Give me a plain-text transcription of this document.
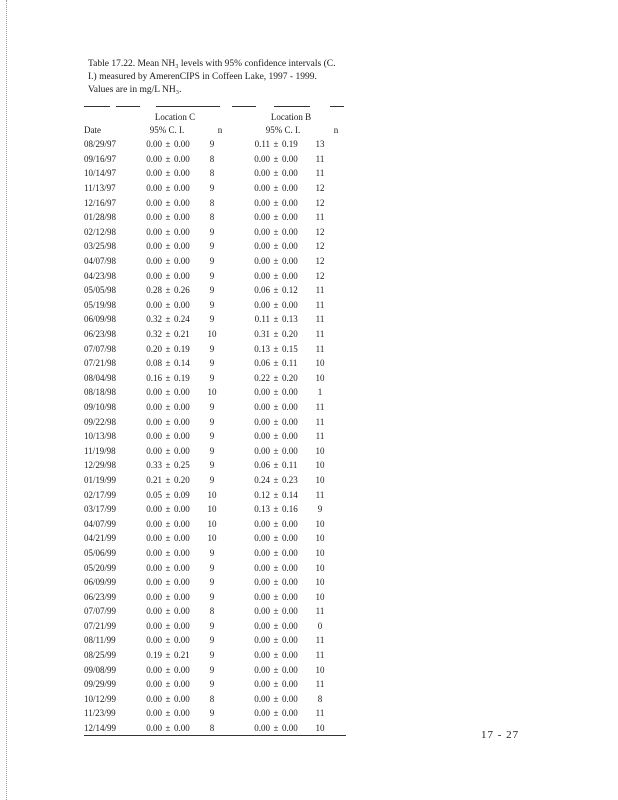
Table 17.22. Mean NH₃ levels with 95% confidence intervals (C.
I.) measured by AmerenCIPS in Coffeen Lake, 1997 - 1999.
Values are in mg/L NH₃.
Location C	Location B
Date	95% C. I.	n	95% C. I.	n
08/29/97	0.00 ± 0.00	9	0.11 ± 0.19	13
09/16/97	0.00 ± 0.00	8	0.00 ± 0.00	11
10/14/97	0.00 ± 0.00	8	0.00 ± 0.00	11
11/13/97	0.00 ± 0.00	9	0.00 ± 0.00	12
12/16/97	0.00 ± 0.00	8	0.00 ± 0.00	12
01/28/98	0.00 ± 0.00	8	0.00 ± 0.00	11
02/12/98	0.00 ± 0.00	9	0.00 ± 0.00	12
03/25/98	0.00 ± 0.00	9	0.00 ± 0.00	12
04/07/98	0.00 ± 0.00	9	0.00 ± 0.00	12
04/23/98	0.00 ± 0.00	9	0.00 ± 0.00	12
05/05/98	0.28 ± 0.26	9	0.06 ± 0.12	11
05/19/98	0.00 ± 0.00	9	0.00 ± 0.00	11
06/09/98	0.32 ± 0.24	9	0.11 ± 0.13	11
06/23/98	0.32 ± 0.21	10	0.31 ± 0.20	11
07/07/98	0.20 ± 0.19	9	0.13 ± 0.15	11
07/21/98	0.08 ± 0.14	9	0.06 ± 0.11	10
08/04/98	0.16 ± 0.19	9	0.22 ± 0.20	10
08/18/98	0.00 ± 0.00	10	0.00 ± 0.00	1
09/10/98	0.00 ± 0.00	9	0.00 ± 0.00	11
09/22/98	0.00 ± 0.00	9	0.00 ± 0.00	11
10/13/98	0.00 ± 0.00	9	0.00 ± 0.00	11
11/19/98	0.00 ± 0.00	9	0.00 ± 0.00	10
12/29/98	0.33 ± 0.25	9	0.06 ± 0.11	10
01/19/99	0.21 ± 0.20	9	0.24 ± 0.23	10
02/17/99	0.05 ± 0.09	10	0.12 ± 0.14	11
03/17/99	0.00 ± 0.00	10	0.13 ± 0.16	9
04/07/99	0.00 ± 0.00	10	0.00 ± 0.00	10
04/21/99	0.00 ± 0.00	10	0.00 ± 0.00	10
05/06/99	0.00 ± 0.00	9	0.00 ± 0.00	10
05/20/99	0.00 ± 0.00	9	0.00 ± 0.00	10
06/09/99	0.00 ± 0.00	9	0.00 ± 0.00	10
06/23/99	0.00 ± 0.00	9	0.00 ± 0.00	10
07/07/99	0.00 ± 0.00	8	0.00 ± 0.00	11
07/21/99	0.00 ± 0.00	9	0.00 ± 0.00	0
08/11/99	0.00 ± 0.00	9	0.00 ± 0.00	11
08/25/99	0.19 ± 0.21	9	0.00 ± 0.00	11
09/08/99	0.00 ± 0.00	9	0.00 ± 0.00	10
09/29/99	0.00 ± 0.00	9	0.00 ± 0.00	11
10/12/99	0.00 ± 0.00	8	0.00 ± 0.00	8
11/23/99	0.00 ± 0.00	9	0.00 ± 0.00	11
12/14/99	0.00 ± 0.00	8	0.00 ± 0.00	10
17 - 27
